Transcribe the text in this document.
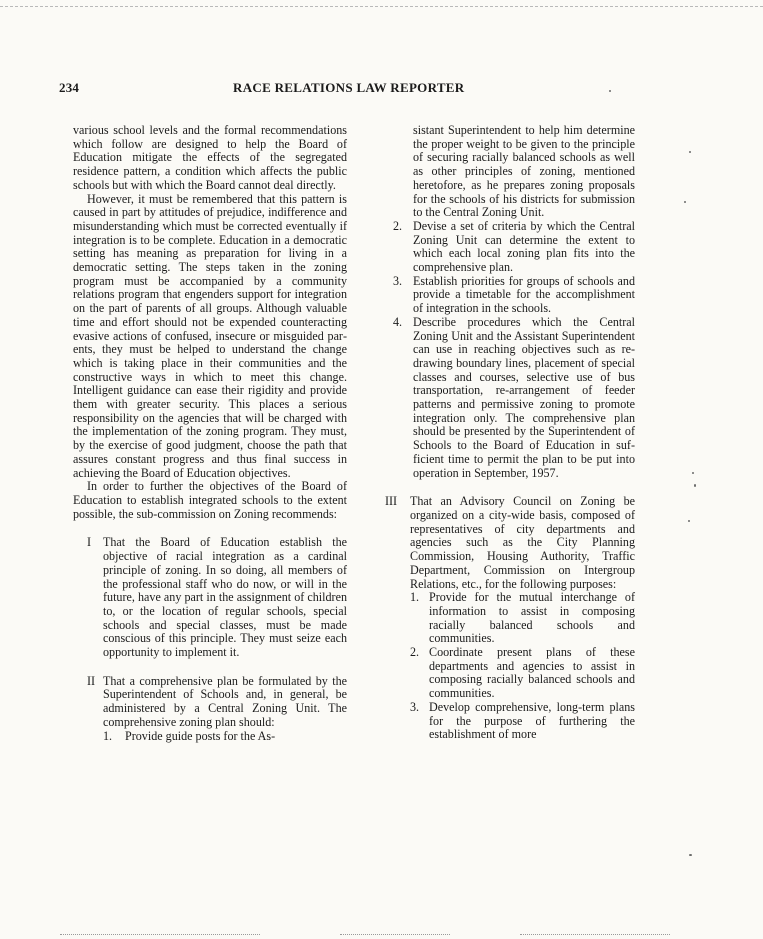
234	RACE RELATIONS LAW REPORTER

various school levels and the formal recommendations which follow are designed to help the Board of Education mitigate the effects of the segregated residence pattern, a condition which affects the public schools but with which the Board cannot deal directly.

However, it must be remembered that this pattern is caused in part by attitudes of prejudice, indifference and misunderstanding which must be corrected eventually if integration is to be complete. Education in a democratic setting has meaning as preparation for living in a democratic setting. The steps taken in the zoning program must be accompanied by a community relations program that engenders support for integration on the part of parents of all groups. Although valuable time and effort should not be expended counteracting evasive actions of confused, insecure or misguided parents, they must be helped to understand the change which is taking place in their communities and the constructive ways in which to meet this change. Intelligent guidance can ease their rigidity and provide them with greater security. This places a serious responsibility on the agencies that will be charged with the implementation of the zoning program. They must, by the exercise of good judgment, choose the path that assures constant progress and thus final success in achieving the Board of Education objectives.

In order to further the objectives of the Board of Education to establish integrated schools to the extent possible, the sub-commission on Zoning recommends:

I That the Board of Education establish the objective of racial integration as a cardinal principle of zoning. In so doing, all members of the professional staff who do now, or will in the future, have any part in the assignment of children to, or the location of regular schools, special schools and special classes, must be made conscious of this principle. They must seize each opportunity to implement it.

II That a comprehensive plan be formulated by the Superintendent of Schools and, in general, be administered by a Central Zoning Unit. The comprehensive zoning plan should:

1. Provide guide posts for the As-

sistant Superintendent to help him determine the proper weight to be given to the principle of securing racially balanced schools as well as other principles of zoning, mentioned heretofore, as he prepares zoning proposals for the schools of his districts for submission to the Central Zoning Unit.

2. Devise a set of criteria by which the Central Zoning Unit can determine the extent to which each local zoning plan fits into the comprehensive plan.

3. Establish priorities for groups of schools and provide a timetable for the accomplishment of integration in the schools.

4. Describe procedures which the Central Zoning Unit and the Assistant Superintendent can use in reaching objectives such as redrawing boundary lines, placement of special classes and courses, selective use of bus transportation, re-arrangement of feeder patterns and permissive zoning to promote integration only. The comprehensive plan should be presented by the Superintendent of Schools to the Board of Education in sufficient time to permit the plan to be put into operation in September, 1957.

III That an Advisory Council on Zoning be organized on a city-wide basis, composed of representatives of city departments and agencies such as the City Planning Commission, Housing Authority, Traffic Department, Commission on Intergroup Relations, etc., for the following purposes:

1. Provide for the mutual interchange of information to assist in composing racially balanced schools and communities.

2. Coordinate present plans of these departments and agencies to assist in composing racially balanced schools and communities.

3. Develop comprehensive, long-term plans for the purpose of furthering the establishment of more
